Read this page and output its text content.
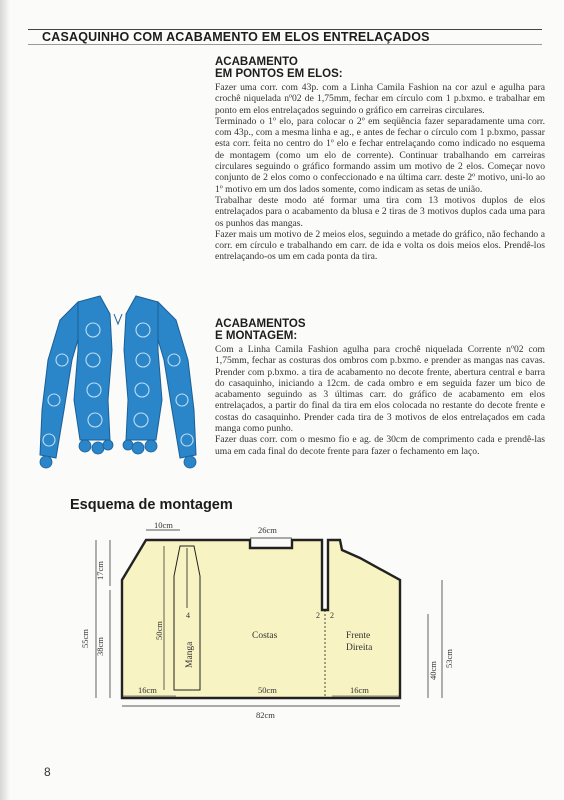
CASAQUINHO COM ACABAMENTO EM ELOS ENTRELAÇADOS
ACABAMENTO
EM PONTOS EM ELOS:

Fazer uma corr. com 43p. com a Linha Camila Fashion na cor azul e agulha para crochê niquelada nº02 de 1,75mm, fechar em círculo com 1 p.bxmo. e trabalhar em ponto em elos entrelaçados seguindo o gráfico em carreiras circulares.

Terminado o 1º elo, para colocar o 2º em seqüência fazer separadamente uma corr. com 43p., com a mesma linha e ag., e antes de fechar o círculo com 1 p.bxmo, passar esta corr. feita no centro do 1º elo e fechar entrelaçando como indicado no esquema de montagem (como um elo de corrente). Continuar trabalhando em carreiras circulares seguindo o gráfico formando assim um motivo de 2 elos. Começar novo conjunto de 2 elos como o confeccionado e na última carr. deste 2º motivo, uni-lo ao 1º motivo em um dos lados somente, como indicam as setas de união.

Trabalhar deste modo até formar uma tira com 13 motivos duplos de elos entrelaçados para o acabamento da blusa e 2 tiras de 3 motivos duplos cada uma para os punhos das mangas.

Fazer mais um motivo de 2 meios elos, seguindo a metade do gráfico, não fechando a corr. em círculo e trabalhando em carr. de ida e volta os dois meios elos. Prendê-los entrelaçando-os um em cada ponta da tira.

ACABAMENTOS
E MONTAGEM:

Com a Linha Camila Fashion agulha para crochê niquelada Corrente nº02 com 1,75mm, fechar as costuras dos ombros com p.bxmo. e prender as mangas nas cavas. Prender com p.bxmo. a tira de acabamento no decote frente, abertura central e barra do casaquinho, iniciando a 12cm. de cada ombro e em seguida fazer um bico de acabamento seguindo as 3 últimas carr. do gráfico de acabamento em elos entrelaçados, a partir do final da tira em elos colocada no restante do decote frente e costas do casaquinho. Prender cada tira de 3 motivos de elos entrelaçados em cada manga como punho.

Fazer duas corr. com o mesmo fio e ag. de 30cm de comprimento cada e prendê-las uma em cada final do decote frente para fazer o fechamento em laço.

Esquema de montagem
10cm	26cm
55cm
17cm
38cm
50cm
Manga
4
Costas	Frente
Direita
2 2
16cm	50cm	16cm
82cm
40cm
53cm
8
